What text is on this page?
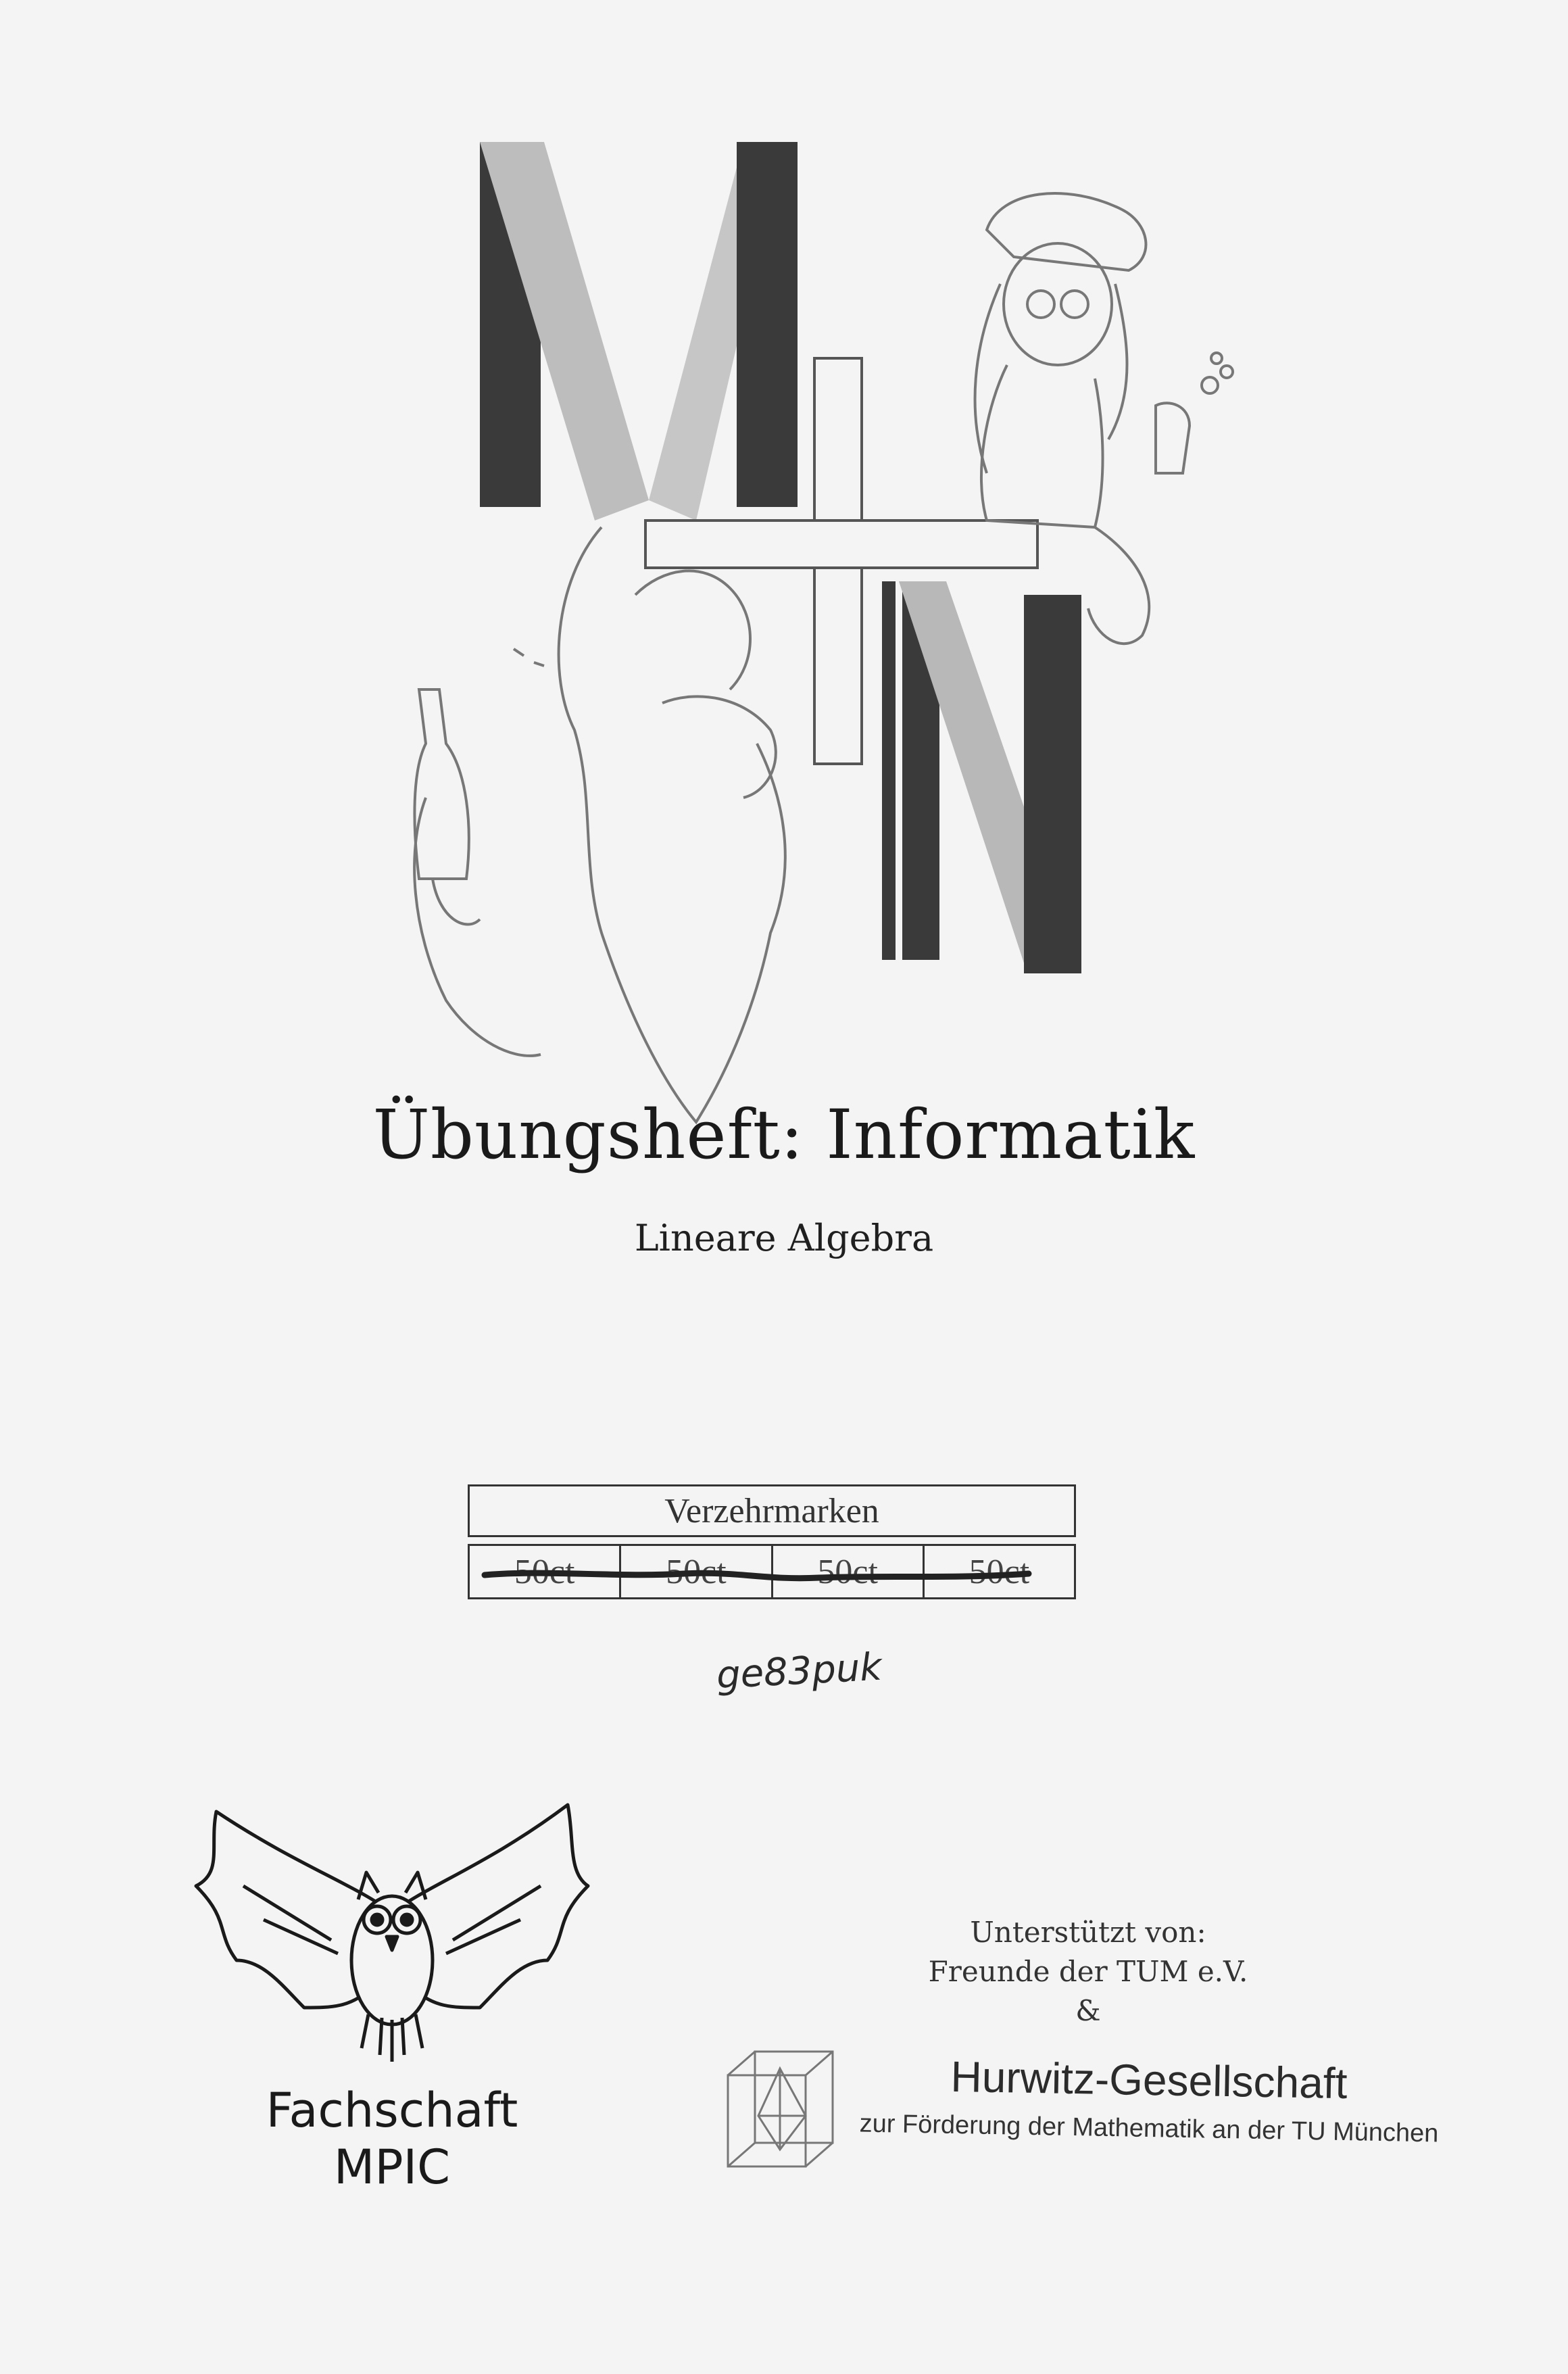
Übungsheft: Informatik
Lineare Algebra
Verzehrmarken
50ct	50ct	50ct	50ct
ge83puk
Fachschaft
MPIC
Unterstützt von:
Freunde der TUM e.V.
&
Hurwitz-Gesellschaft
zur Förderung der Mathematik an der TU München
